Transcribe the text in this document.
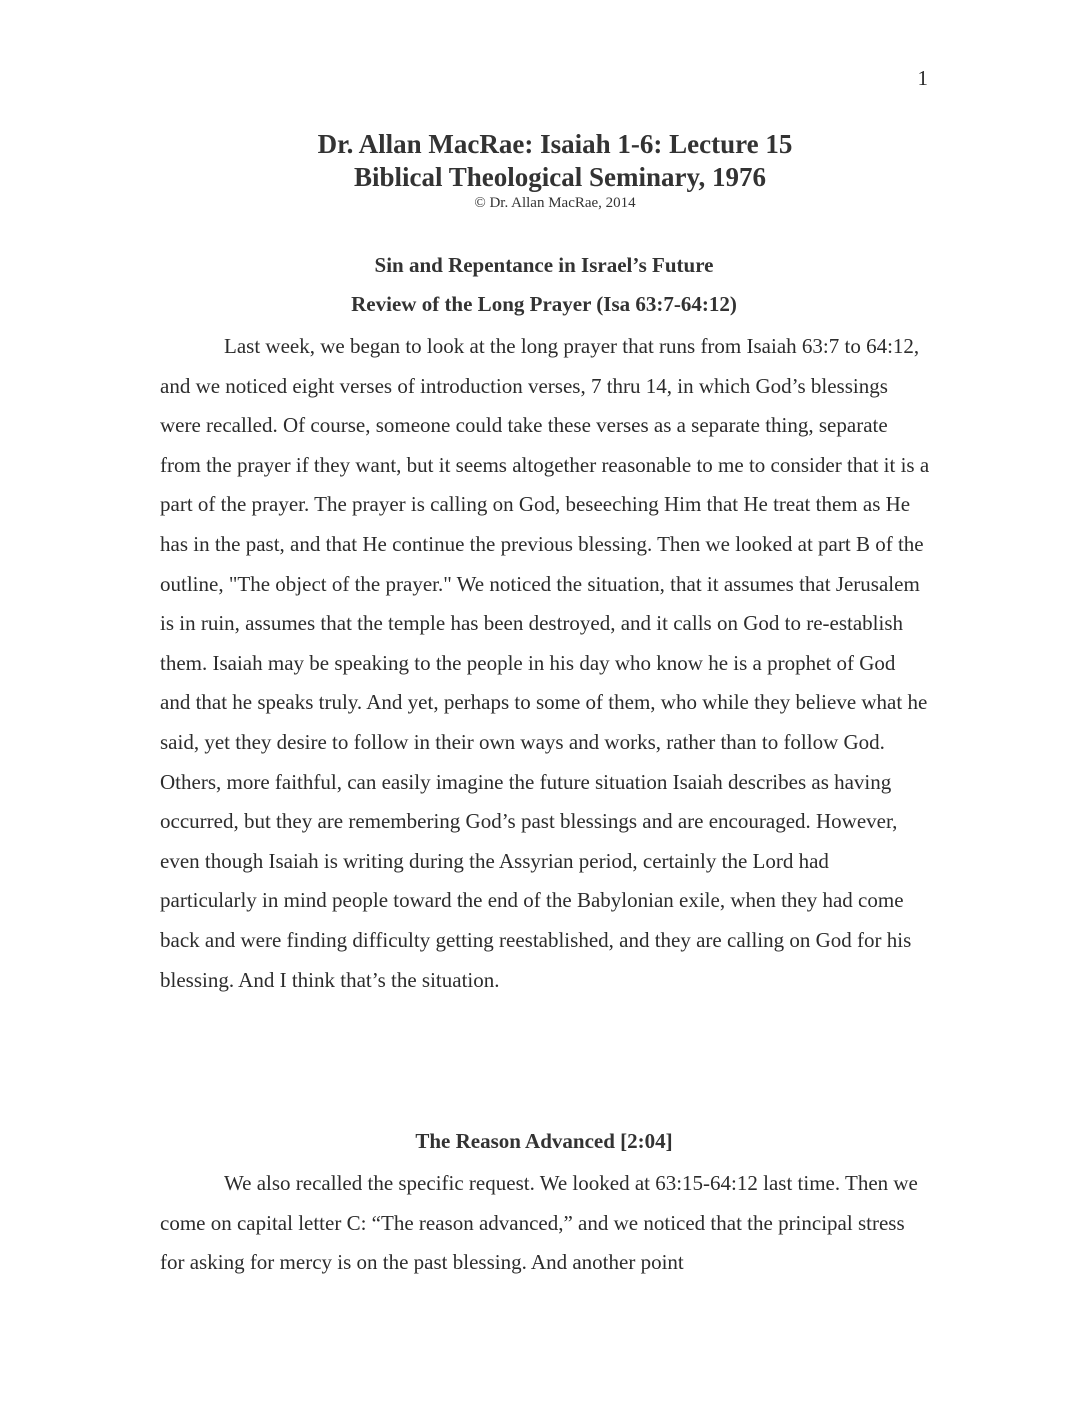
1
Dr. Allan MacRae: Isaiah 1-6: Lecture 15
Biblical Theological Seminary, 1976
© Dr. Allan MacRae, 2014
Sin and Repentance in Israel’s Future
Review of the Long Prayer (Isa 63:7-64:12)

Last week, we began to look at the long prayer that runs from Isaiah 63:7 to 64:12, and we noticed eight verses of introduction verses, 7 thru 14, in which God’s blessings were recalled. Of course, someone could take these verses as a separate thing, separate from the prayer if they want, but it seems altogether reasonable to me to consider that it is a part of the prayer. The prayer is calling on God, beseeching Him that He treat them as He has in the past, and that He continue the previous blessing. Then we looked at part B of the outline, "The object of the prayer." We noticed the situation, that it assumes that Jerusalem is in ruin, assumes that the temple has been destroyed, and it calls on God to re-establish them. Isaiah may be speaking to the people in his day who know he is a prophet of God and that he speaks truly. And yet, perhaps to some of them, who while they believe what he said, yet they desire to follow in their own ways and works, rather than to follow God. Others, more faithful, can easily imagine the future situation Isaiah describes as having occurred, but they are remembering God’s past blessings and are encouraged. However, even though Isaiah is writing during the Assyrian period, certainly the Lord had particularly in mind people toward the end of the Babylonian exile, when they had come back and were finding difficulty getting reestablished, and they are calling on God for his blessing. And I think that’s the situation.

The Reason Advanced [2:04]

We also recalled the specific request. We looked at 63:15-64:12 last time. Then we come on capital letter C: “The reason advanced,” and we noticed that the principal stress for asking for mercy is on the past blessing. And another point
